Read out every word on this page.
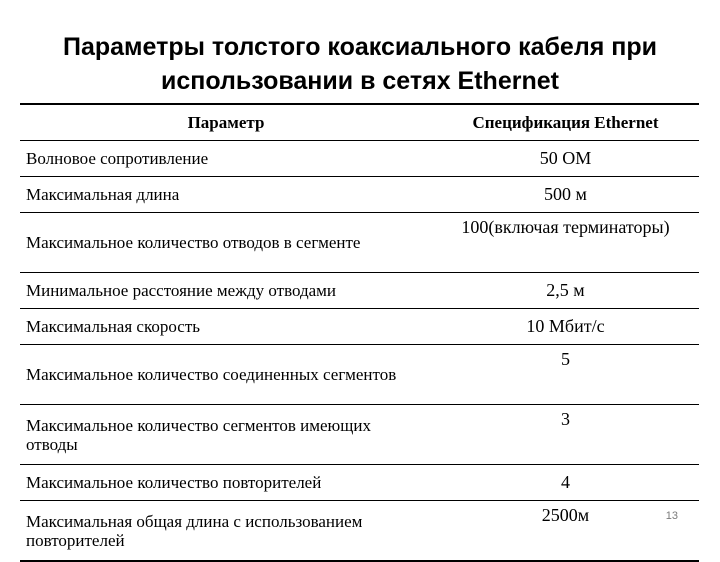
Параметры толстого коаксиального кабеля при
использовании в сетях Ethernet
Параметр	Спецификация Ethernet
Волновое сопротивление	50 ОМ
Максимальная длина	500 м
Максимальное количество отводов в сегменте	100(включая терминаторы)
Минимальное расстояние между отводами	2,5 м
Максимальная скорость	10 Мбит/с
Максимальное количество соединенных сегментов	5
Максимальное количество сегментов имеющих отводы	3
Максимальное количество повторителей	4
Максимальная общая длина с использованием повторителей	2500м	13
